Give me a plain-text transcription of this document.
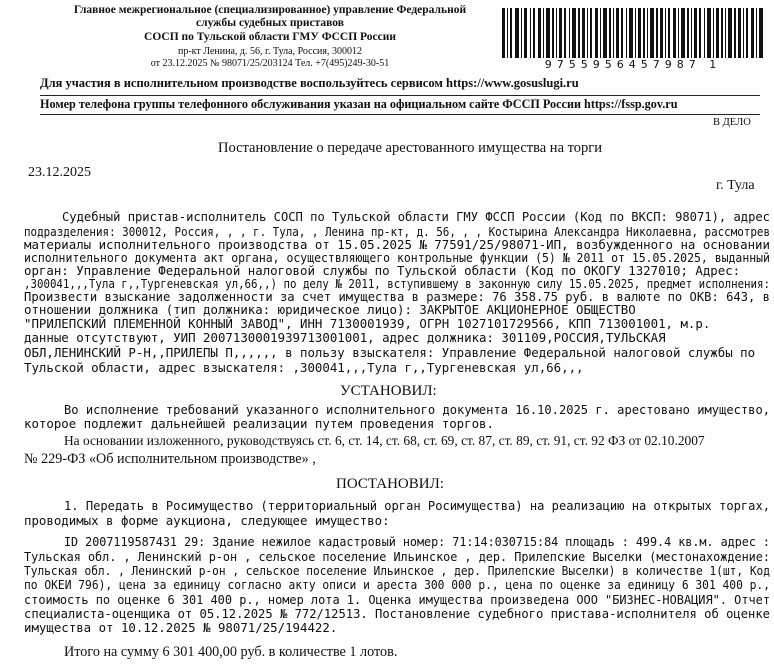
Главное межрегиональное (специализированное) управление Федеральной
службы судебных приставов
СОСП по Тульской области ГМУ ФССП России
пр-кт Ленина, д. 56, г. Тула, Россия, 300012
от 23.12.2025 № 98071/25/203124 Тел. +7(495)249-30-51	9755956457987 1
Для участия в исполнительном производстве воспользуйтесь сервисом https://www.gosuslugi.ru
Номер телефона группы телефонного обслуживания указан на официальном сайте ФССП России https://fssp.gov.ru
В ДЕЛО
Постановление о передаче арестованного имущества на торги
23.12.2025
г. Тула
Судебный пристав-исполнитель СОСП по Тульской области ГМУ ФССП России (Код по ВКСП: 98071), адрес
подразделения: 300012, Россия, , , г. Тула, , Ленина пр-кт, д. 56, , , Костырина Александра Николаевна, рассмотрев
материалы исполнительного производства от 15.05.2025 № 77591/25/98071-ИП, возбужденного на основании
исполнительного документа акт органа, осуществляющего контрольные функции (5) № 2011 от 15.05.2025, выданный
орган: Управление Федеральной налоговой службы по Тульской области (Код по ОКОГУ 1327010; Адрес:
,300041,,,Тула г,,Тургеневская ул,66,,) по делу № 2011, вступившему в законную силу 15.05.2025, предмет исполнения:
Произвести взыскание задолженности за счет имущества в размере: 76 358.75 руб. в валюте по ОКВ: 643, в
отношении должника (тип должника: юридическое лицо): ЗАКРЫТОЕ АКЦИОНЕРНОЕ ОБЩЕСТВО
"ПРИЛЕПСКИЙ ПЛЕМЕННОЙ КОННЫЙ ЗАВОД", ИНН 7130001939, ОГРН 1027101729566, КПП 713001001, м.р.
данные отсутствуют, УИП 2007130001939713001001, адрес должника: 301109,РОССИЯ,ТУЛЬСКАЯ
ОБЛ,ЛЕНИНСКИЙ Р-Н,,ПРИЛЕПЫ П,,,,,, в пользу взыскателя: Управление Федеральной налоговой службы по
Тульской области, адрес взыскателя: ,300041,,,Тула г,,Тургеневская ул,66,,,
УСТАНОВИЛ:
Во исполнение требований указанного исполнительного документа 16.10.2025 г. арестовано имущество,
которое подлежит дальнейшей реализации путем проведения торгов.
На основании изложенного, руководствуясь ст. 6, ст. 14, ст. 68, ст. 69, ст. 87, ст. 89, ст. 91, ст. 92 ФЗ от 02.10.2007
№ 229-ФЗ «Об исполнительном производстве» ,
ПОСТАНОВИЛ:
1. Передать в Росимущество (территориальный орган Росимущества) на реализацию на открытых торгах,
проводимых в форме аукциона, следующее имущество:
ID 2007119587431 29: Здание нежилое кадастровый номер: 71:14:030715:84 площадь : 499.4 кв.м. адрес :
Тульская обл. , Ленинский р-он , сельское поселение Ильинское , дер. Прилепские Выселки (местонахождение:
Тульская обл. , Ленинский р-он , сельское поселение Ильинское , дер. Прилепские Выселки) в количестве 1(шт, Код
по ОКЕИ 796), цена за единицу согласно акту описи и ареста 300 000 р., цена по оценке за единицу 6 301 400 р.,
стоимость по оценке 6 301 400 р., номер лота 1. Оценка имущества произведена ООО "БИЗНЕС-НОВАЦИЯ". Отчет
специалиста-оценщика от 05.12.2025 № 772/12513. Постановление судебного пристава-исполнителя об оценке
имущества от 10.12.2025 № 98071/25/194422.
Итого на сумму 6 301 400,00 руб. в количестве 1 лотов.
